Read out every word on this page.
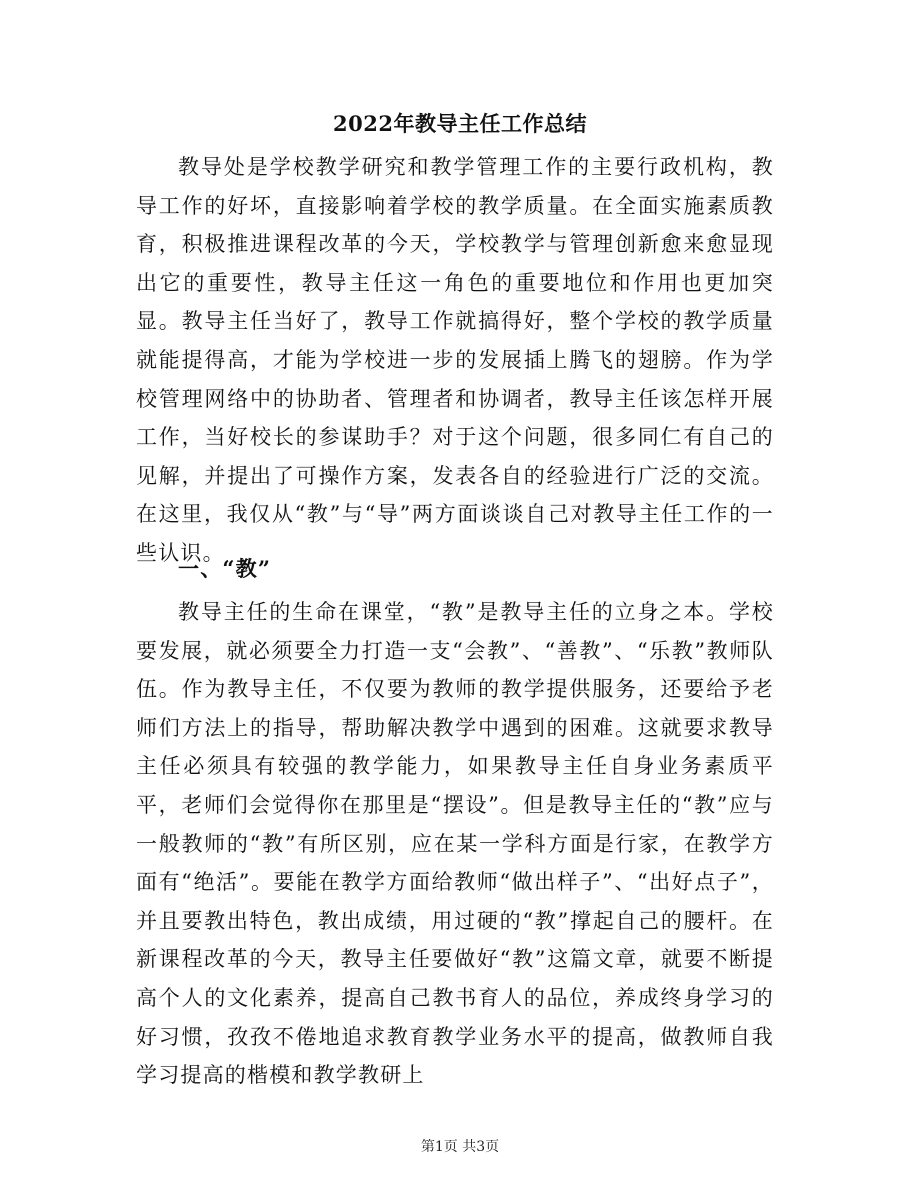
2022年教导主任工作总结

教导处是学校教学研究和教学管理工作的主要行政机构，教导工作的好坏，直接影响着学校的教学质量。在全面实施素质教育，积极推进课程改革的今天，学校教学与管理创新愈来愈显现出它的重要性，教导主任这一角色的重要地位和作用也更加突显。教导主任当好了，教导工作就搞得好，整个学校的教学质量就能提得高，才能为学校进一步的发展插上腾飞的翅膀。作为学校管理网络中的协助者、管理者和协调者，教导主任该怎样开展工作，当好校长的参谋助手？对于这个问题，很多同仁有自己的见解，并提出了可操作方案，发表各自的经验进行广泛的交流。在这里，我仅从“教”与“导”两方面谈谈自己对教导主任工作的一些认识。

一、“教”

教导主任的生命在课堂，“教”是教导主任的立身之本。学校要发展，就必须要全力打造一支“会教”、“善教”、“乐教”教师队伍。作为教导主任，不仅要为教师的教学提供服务，还要给予老师们方法上的指导，帮助解决教学中遇到的困难。这就要求教导主任必须具有较强的教学能力，如果教导主任自身业务素质平平，老师们会觉得你在那里是“摆设”。但是教导主任的“教”应与一般教师的“教”有所区别，应在某一学科方面是行家，在教学方面有“绝活”。要能在教学方面给教师“做出样子”、“出好点子”，并且要教出特色，教出成绩，用过硬的“教”撑起自己的腰杆。在新课程改革的今天，教导主任要做好“教”这篇文章，就要不断提高个人的文化素养，提高自己教书育人的品位，养成终身学习的好习惯，孜孜不倦地追求教育教学业务水平的提高，做教师自我学习提高的楷模和教学教研上

第1页 共3页
